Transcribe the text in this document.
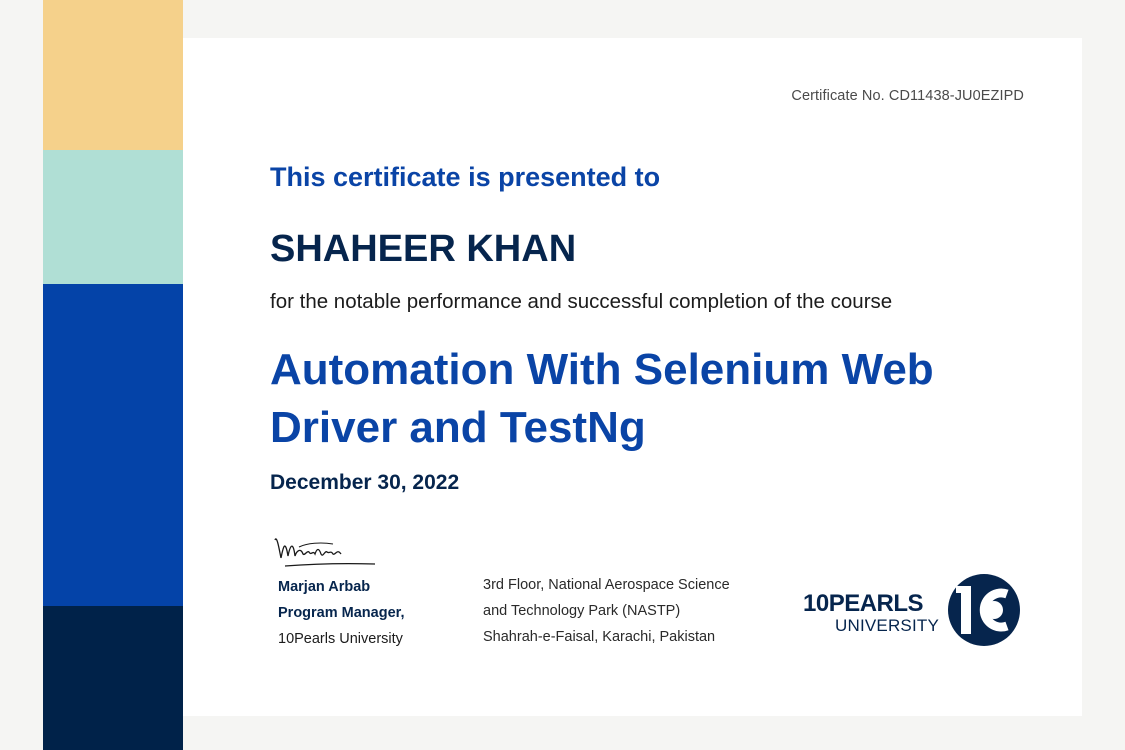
Certificate No. CD11438-JU0EZIPD
This certificate is presented to
SHAHEER KHAN
for the notable performance and successful completion of the course
Automation With Selenium Web Driver and TestNg
December 30, 2022
Marjan Arbab
Program Manager,
10Pearls University
3rd Floor, National Aerospace Science
and Technology Park (NASTP)
Shahrah-e-Faisal, Karachi, Pakistan
10PEARLS
UNIVERSITY
